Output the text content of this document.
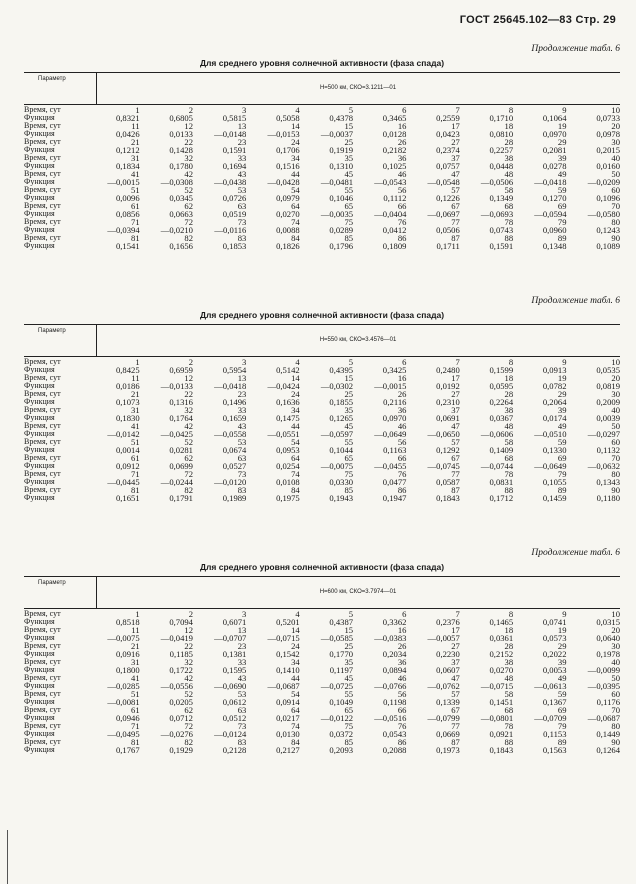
ГОСТ 25645.102—83 Стр. 29
Продолжение табл. 6
Для среднего уровня солнечной активности (фаза спада)
Параметр
H=500 км, СКО=3.1211—01
Время, сут	1	2	3	4	5	6	7	8	9	10
Функция	0,8321	0,6805	0,5815	0,5058	0,4378	0,3465	0,2559	0,1710	0,1064	0,0733
Время, сут	11	12	13	14	15	16	17	18	19	20
Функция	0,0426	0,0133	—0,0148	—0,0153	—0,0037	0,0128	0,0423	0,0810	0,0970	0,0978
Время, сут	21	22	23	24	25	26	27	28	29	30
Функция	0,1212	0,1428	0,1591	0,1706	0,1919	0,2182	0,2374	0,2257	0,2081	0,2015
Время, сут	31	32	33	34	35	36	37	38	39	40
Функция	0,1834	0,1780	0,1694	0,1516	0,1310	0,1025	0,0757	0,0448	0,0278	0,0160
Время, сут	41	42	43	44	45	46	47	48	49	50
Функция	—0,0015	—0,0308	—0,0438	—0,0428	—0,0481	—0,0543	—0,0548	—0,0506	—0,0418	—0,0209
Время, сут	51	52	53	54	55	56	57	58	59	60
Функция	0,0096	0,0345	0,0726	0,0979	0,1046	0,1112	0,1226	0,1349	0,1270	0,1096
Время, сут	61	62	63	64	65	66	67	68	69	70
Функция	0,0856	0,0663	0,0519	0,0270	—0,0035	—0,0404	—0,0697	—0,0693	—0,0594	—0,0580
Время, сут	71	72	73	74	75	76	77	78	79	80
Функция	—0,0394	—0,0210	—0,0116	0,0088	0,0289	0,0412	0,0506	0,0743	0,0960	0,1243
Время, сут	81	82	83	84	85	86	87	88	89	90
Функция	0,1541	0,1656	0,1853	0,1826	0,1796	0,1809	0,1711	0,1591	0,1348	0,1089
Продолжение табл. 6
Для среднего уровня солнечной активности (фаза спада)
Параметр
H=550 км, СКО=3.4576—01
Время, сут	1	2	3	4	5	6	7	8	9	10
Функция	0,8425	0,6959	0,5954	0,5142	0,4395	0,3425	0,2480	0,1599	0,0913	0,0535
Время, сут	11	12	13	14	15	16	17	18	19	20
Функция	0,0186	—0,0133	—0,0418	—0,0424	—0,0302	—0,0015	0,0192	0,0595	0,0782	0,0819
Время, сут	21	22	23	24	25	26	27	28	29	30
Функция	0,1073	0,1316	0,1496	0,1636	0,1855	0,2116	0,2310	0,2264	0,2064	0,2009
Время, сут	31	32	33	34	35	36	37	38	39	40
Функция	0,1830	0,1764	0,1659	0,1475	0,1265	0,0970	0,0691	0,0367	0,0174	0,0039
Время, сут	41	42	43	44	45	46	47	48	49	50
Функция	—0,0142	—0,0425	—0,0558	—0,0551	—0,0597	—0,0649	—0,0650	—0,0606	—0,0510	—0,0297
Время, сут	51	52	53	54	55	56	57	58	59	60
Функция	0,0014	0,0281	0,0674	0,0953	0,1044	0,1163	0,1292	0,1409	0,1330	0,1132
Время, сут	61	62	63	64	65	66	67	68	69	70
Функция	0,0912	0,0699	0,0527	0,0254	—0,0075	—0,0455	—0,0745	—0,0744	—0,0649	—0,0632
Время, сут	71	72	73	74	75	76	77	78	79	80
Функция	—0,0445	—0,0244	—0,0120	0,0108	0,0330	0,0477	0,0587	0,0831	0,1055	0,1343
Время, сут	81	82	83	84	85	86	87	88	89	90
Функция	0,1651	0,1791	0,1989	0,1975	0,1943	0,1947	0,1843	0,1712	0,1459	0,1180
Продолжение табл. 6
Для среднего уровня солнечной активности (фаза спада)
Параметр
H=600 км, СКО=3.7974—01
Время, сут	1	2	3	4	5	6	7	8	9	10
Функция	0,8518	0,7094	0,6071	0,5201	0,4387	0,3362	0,2376	0,1465	0,0741	0,0315
Время, сут	11	12	13	14	15	16	17	18	19	20
Функция	—0,0075	—0,0419	—0,0707	—0,0715	—0,0585	—0,0383	—0,0057	0,0361	0,0573	0,0640
Время, сут	21	22	23	24	25	26	27	28	29	30
Функция	0,0916	0,1185	0,1381	0,1542	0,1770	0,2034	0,2230	0,2152	0,2022	0,1978
Время, сут	31	32	33	34	35	36	37	38	39	40
Функция	0,1800	0,1722	0,1595	0,1410	0,1197	0,0894	0,0607	0,0270	0,0053	—0,0099
Время, сут	41	42	43	44	45	46	47	48	49	50
Функция	—0,0285	—0,0556	—0,0690	—0,0687	—0,0725	—0,0766	—0,0762	—0,0715	—0,0613	—0,0395
Время, сут	51	52	53	54	55	56	57	58	59	60
Функция	—0,0081	0,0205	0,0612	0,0914	0,1049	0,1198	0,1339	0,1451	0,1367	0,1176
Время, сут	61	62	63	64	65	66	67	68	69	70
Функция	0,0946	0,0712	0,0512	0,0217	—0,0122	—0,0516	—0,0799	—0,0801	—0,0709	—0,0687
Время, сут	71	72	73	74	75	76	77	78	79	80
Функция	—0,0495	—0,0276	—0,0124	0,0130	0,0372	0,0543	0,0669	0,0921	0,1153	0,1449
Время, сут	81	82	83	84	85	86	87	88	89	90
Функция	0,1767	0,1929	0,2128	0,2127	0,2093	0,2088	0,1973	0,1843	0,1563	0,1264
